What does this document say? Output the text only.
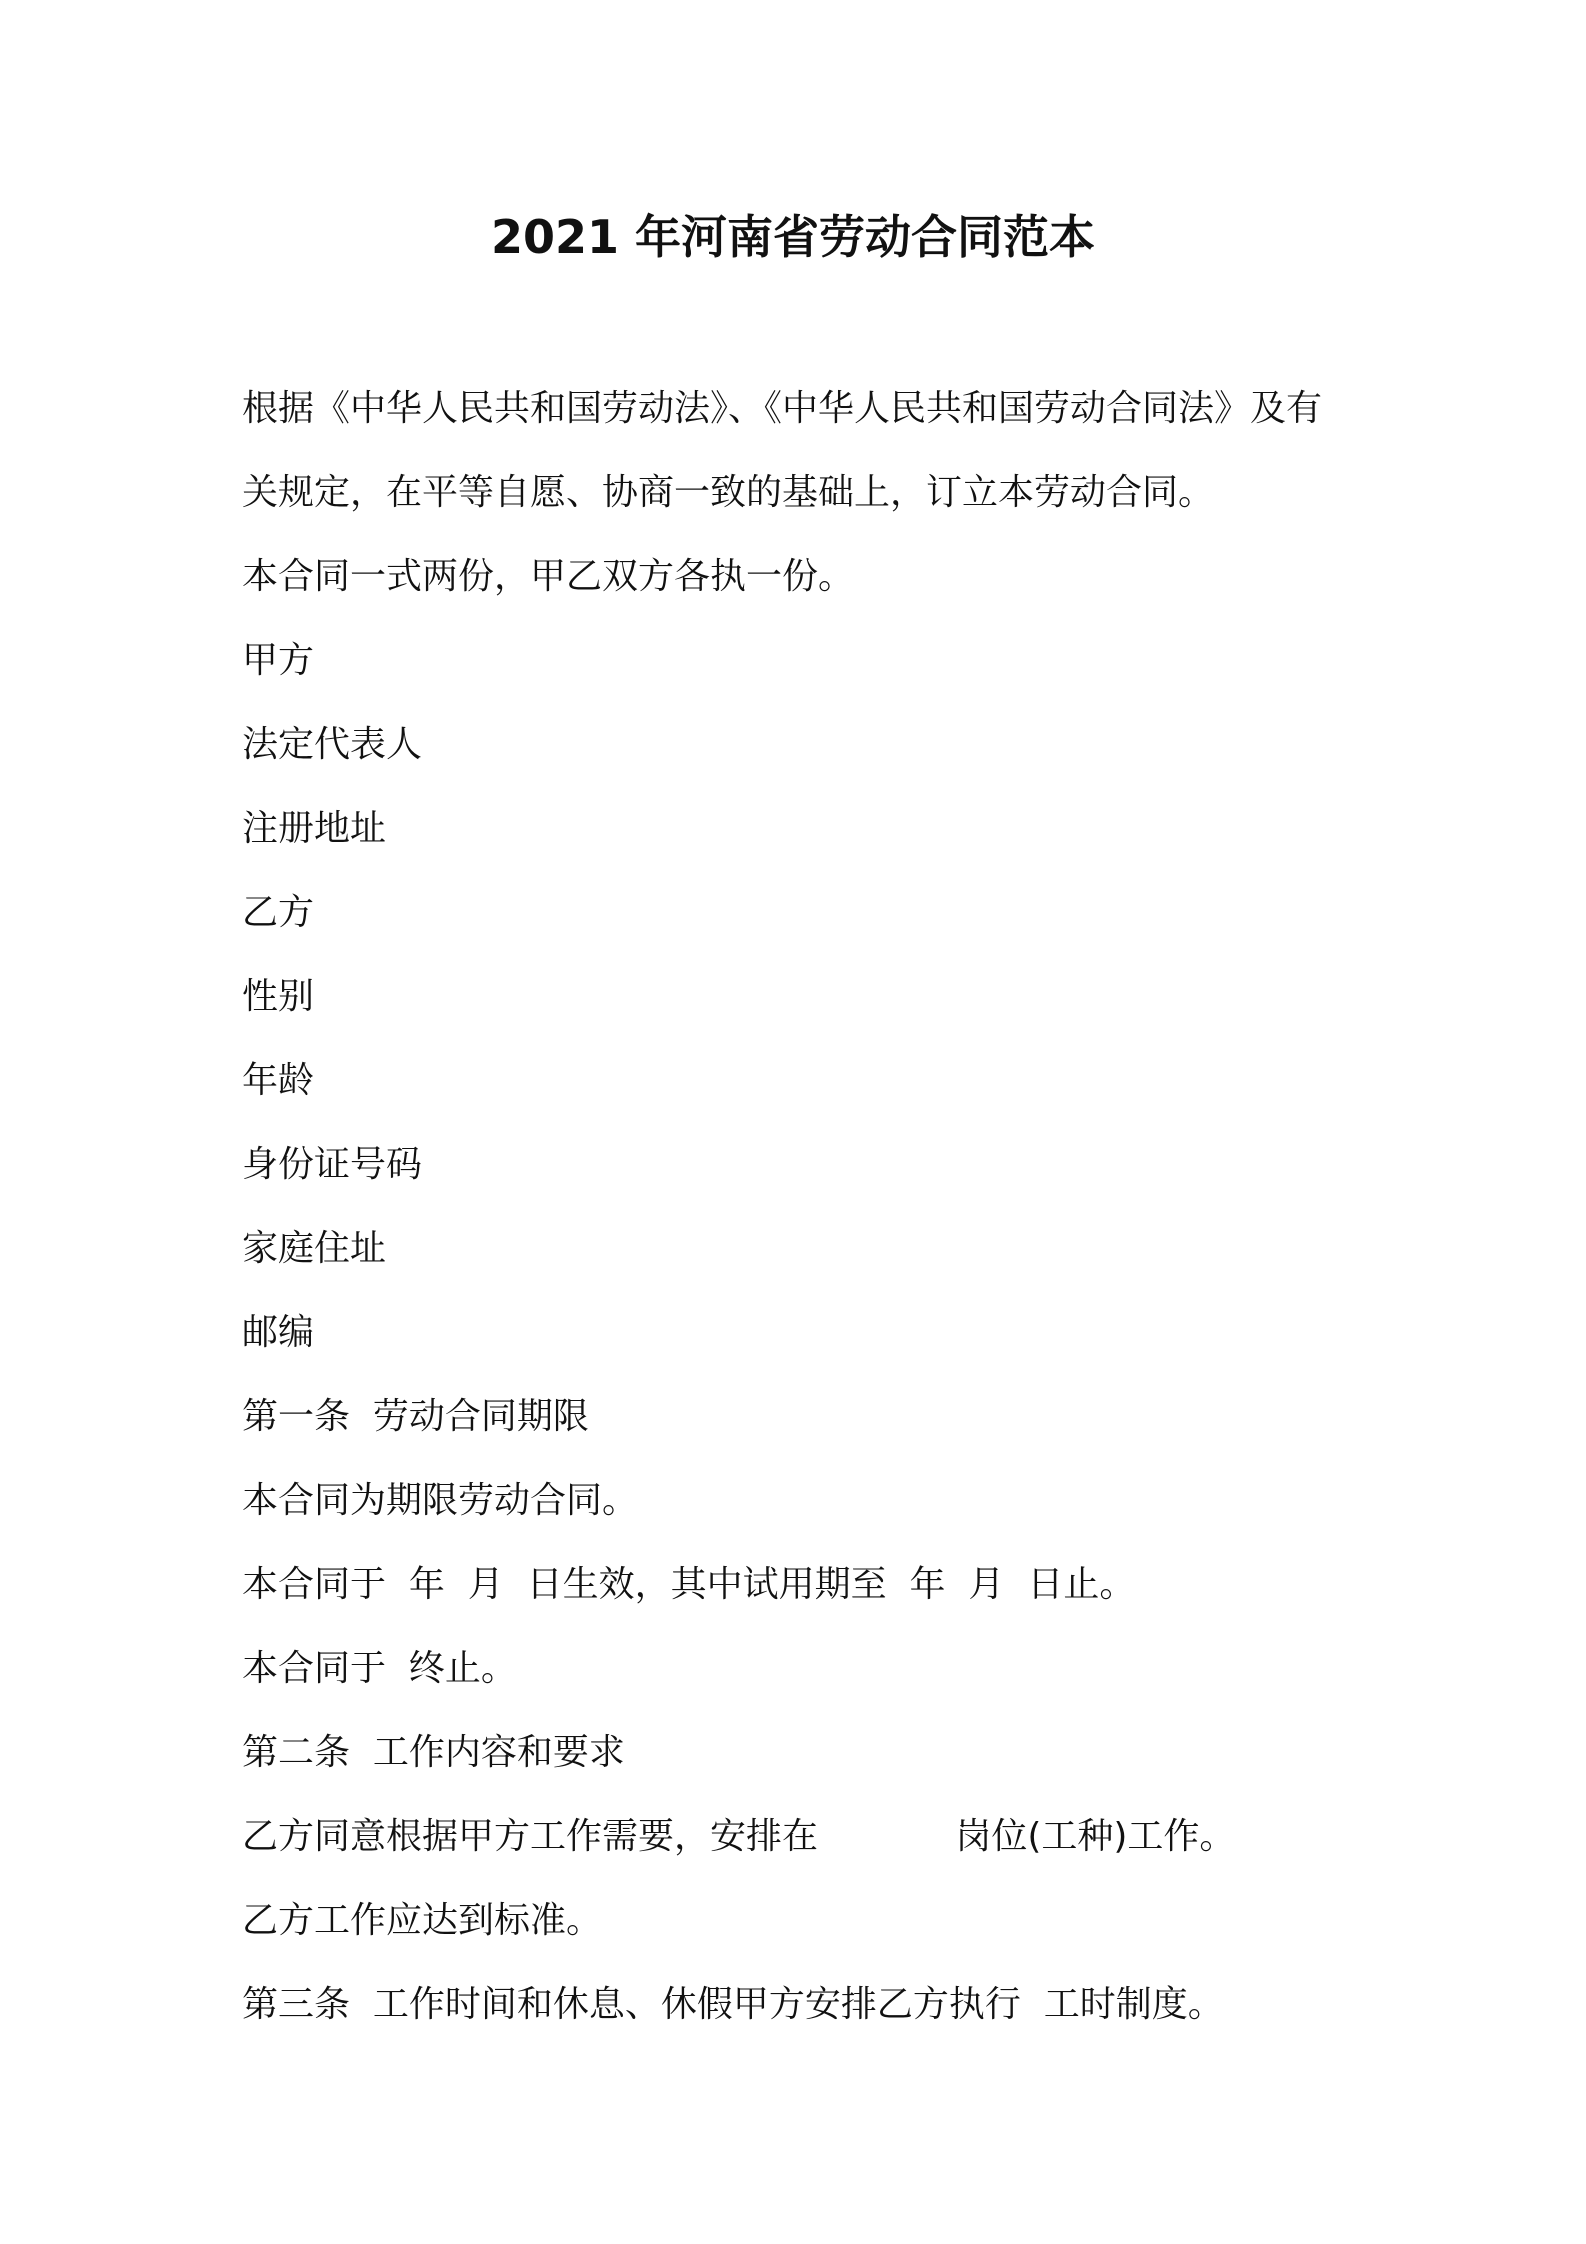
2021 年河南省劳动合同范本
根据《中华人民共和国劳动法》、《中华人民共和国劳动合同法》及有
关规定，在平等自愿、协商一致的基础上，订立本劳动合同。
本合同一式两份，甲乙双方各执一份。
甲方
法定代表人
注册地址
乙方
性别
年龄
身份证号码
家庭住址
邮编
第一条  劳动合同期限
本合同为期限劳动合同。
本合同于  年  月  日生效，其中试用期至  年  月  日止。
本合同于  终止。
第二条  工作内容和要求
乙方同意根据甲方工作需要，安排在            岗位(工种)工作。
乙方工作应达到标准。
第三条  工作时间和休息、休假甲方安排乙方执行  工时制度。
